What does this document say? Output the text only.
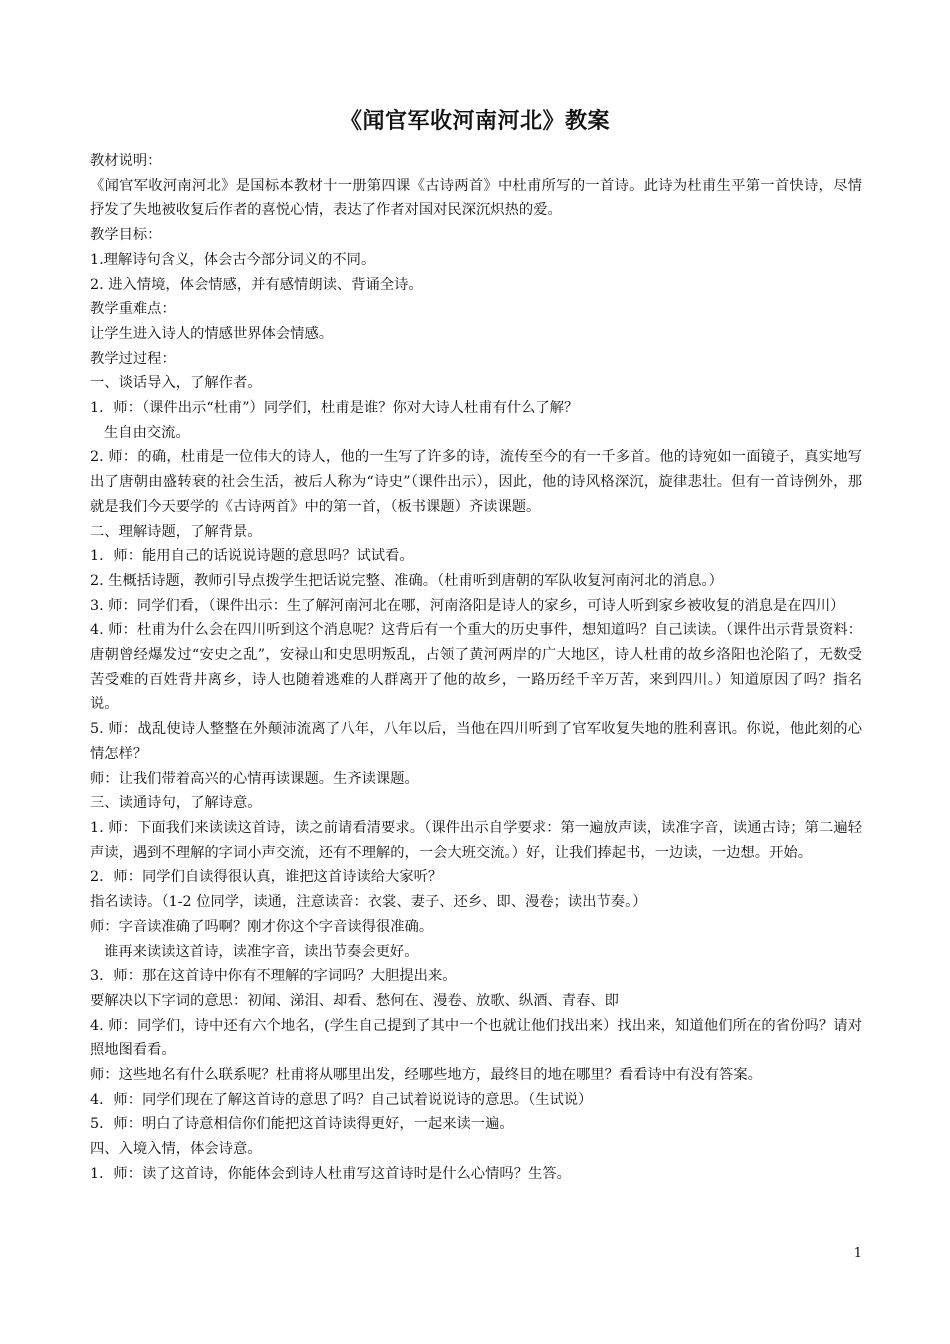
《闻官军收河南河北》教案

教材说明：

《闻官军收河南河北》是国标本教材十一册第四课《古诗两首》中杜甫所写的一首诗。此诗为杜甫生平第一首快诗，尽情抒发了失地被收复后作者的喜悦心情，表达了作者对国对民深沉炽热的爱。

教学目标：

1.理解诗句含义，体会古今部分词义的不同。

2. 进入情境，体会情感，并有感情朗读、背诵全诗。

教学重难点：

让学生进入诗人的情感世界体会情感。

教学过过程：

一、谈话导入，了解作者。

1．师：（课件出示“杜甫”）同学们，杜甫是谁？你对大诗人杜甫有什么了解？

生自由交流。

2. 师：的确，杜甫是一位伟大的诗人，他的一生写了许多的诗，流传至今的有一千多首。他的诗宛如一面镜子，真实地写出了唐朝由盛转衰的社会生活，被后人称为“诗史”（课件出示），因此，他的诗风格深沉，旋律悲壮。但有一首诗例外，那就是我们今天要学的《古诗两首》中的第一首，（板书课题）齐读课题。

二、理解诗题，了解背景。

1．师：能用自己的话说说诗题的意思吗？试试看。

2. 生概括诗题，教师引导点拨学生把话说完整、准确。（杜甫听到唐朝的军队收复河南河北的消息。）

3. 师：同学们看，（课件出示：生了解河南河北在哪，河南洛阳是诗人的家乡，可诗人听到家乡被收复的消息是在四川）

4. 师：杜甫为什么会在四川听到这个消息呢？这背后有一个重大的历史事件，想知道吗？自己读读。（课件出示背景资料：唐朝曾经爆发过“安史之乱”，安禄山和史思明叛乱，占领了黄河两岸的广大地区，诗人杜甫的故乡洛阳也沦陷了，无数受苦受难的百姓背井离乡，诗人也随着逃难的人群离开了他的故乡，一路历经千辛万苦，来到四川。）知道原因了吗？指名说。

5. 师：战乱使诗人整整在外颠沛流离了八年，八年以后，当他在四川听到了官军收复失地的胜利喜讯。你说，他此刻的心情怎样？

师：让我们带着高兴的心情再读课题。生齐读课题。

三、读通诗句，了解诗意。

1. 师：下面我们来读读这首诗，读之前请看清要求。（课件出示自学要求：第一遍放声读，读准字音，读通古诗；第二遍轻声读，遇到不理解的字词小声交流，还有不理解的，一会大班交流。）好，让我们捧起书，一边读，一边想。开始。

2．师：同学们自读得很认真，谁把这首诗读给大家听？

指名读诗。（1-2 位同学，读通，注意读音：衣裳、妻子、还乡、即、漫卷；读出节奏。）

师：字音读准确了吗啊？刚才你这个字音读得很准确。

谁再来读读这首诗，读准字音，读出节奏会更好。

3．师：那在这首诗中你有不理解的字词吗？大胆提出来。

要解决以下字词的意思：初闻、涕泪、却看、愁何在、漫卷、放歌、纵酒、青春、即

4. 师：同学们，诗中还有六个地名，(学生自己提到了其中一个也就让他们找出来）找出来，知道他们所在的省份吗？请对照地图看看。

师：这些地名有什么联系呢？杜甫将从哪里出发，经哪些地方，最终目的地在哪里？看看诗中有没有答案。

4．师：同学们现在了解这首诗的意思了吗？自己试着说说诗的意思。（生试说）

5．师：明白了诗意相信你们能把这首诗读得更好，一起来读一遍。

四、入境入情，体会诗意。

1．师：读了这首诗，你能体会到诗人杜甫写这首诗时是什么心情吗？生答。

1
